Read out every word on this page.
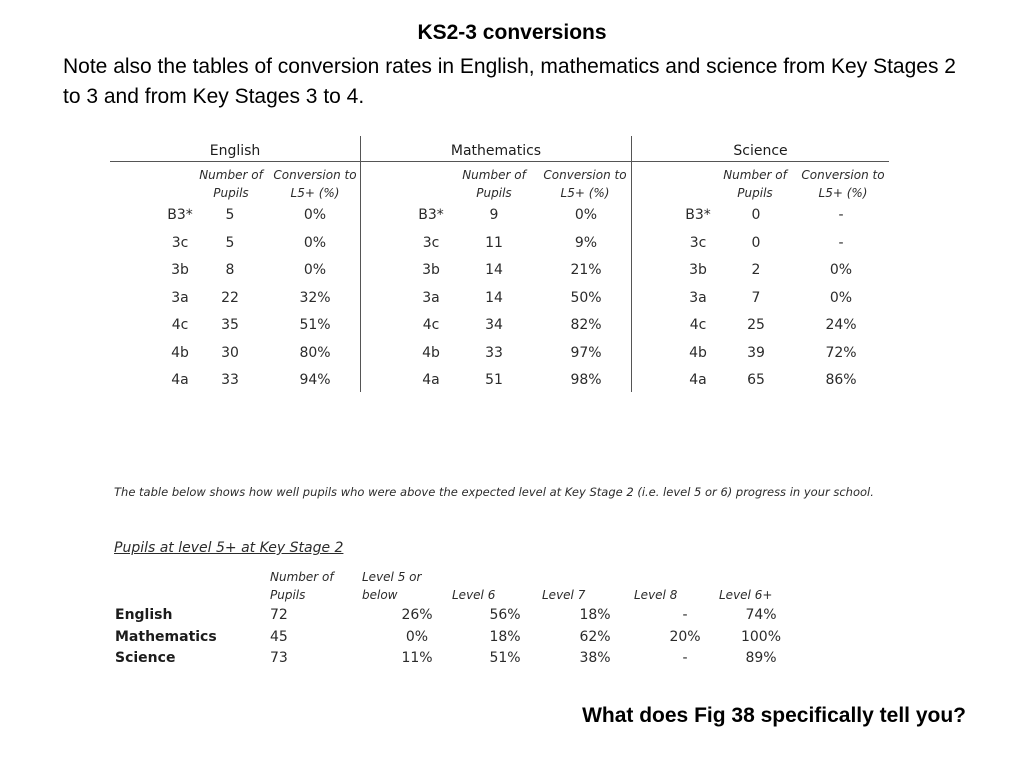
KS2-3 conversions
Note also the tables of conversion rates in English, mathematics and science from Key Stages 2 to 3 and from Key Stages 3 to 4.
English
Number of Pupils
Conversion to L5+ (%)
Mathematics
Number of Pupils
Conversion to L5+ (%)
Science
Number of Pupils
Conversion to L5+ (%)
B3*	5	0%
3c	5	0%
3b	8	0%
3a	22	32%
4c	35	51%
4b	30	80%
4a	33	94%
B3*	9	0%
3c	11	9%
3b	14	21%
3a	14	50%
4c	34	82%
4b	33	97%
4a	51	98%
B3*	0	-
3c	0	-
3b	2	0%
3a	7	0%
4c	25	24%
4b	39	72%
4a	65	86%
The table below shows how well pupils who were above the expected level at Key Stage 2 (i.e. level 5 or 6) progress in your school.
Pupils at level 5+ at Key Stage 2
Number of Pupils
Level 5 or below	Level 6	Level 7	Level 8	Level 6+
English	72	26%	56%	18%	-	74%
Mathematics	45	0%	18%	62%	20%	100%
Science	73	11%	51%	38%	-	89%
What does Fig 38 specifically tell you?
